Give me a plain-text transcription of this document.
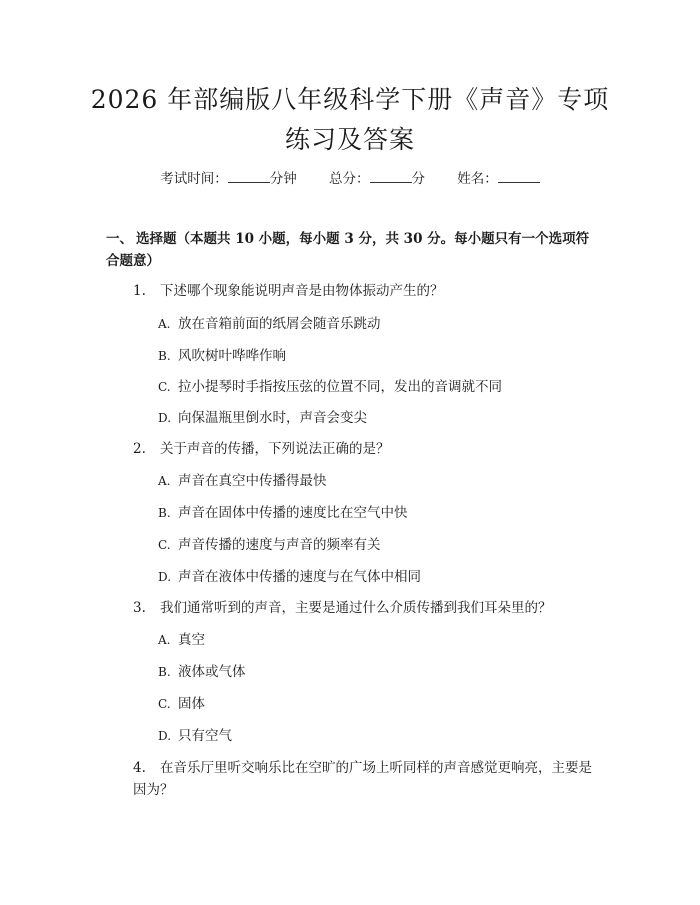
2026 年部编版八年级科学下册《声音》专项
练习及答案
考试时间：	分钟 总分：	分 姓名：
一、 选择题（本题共 10 小题，每小题 3 分，共 30 分。每小题只有一个选项符合题意）
1. 下述哪个现象能说明声音是由物体振动产生的？
A. 放在音箱前面的纸屑会随音乐跳动
B. 风吹树叶哗哗作响
C. 拉小提琴时手指按压弦的位置不同，发出的音调就不同
D. 向保温瓶里倒水时，声音会变尖
2. 关于声音的传播，下列说法正确的是？
A. 声音在真空中传播得最快
B. 声音在固体中传播的速度比在空气中快
C. 声音传播的速度与声音的频率有关
D. 声音在液体中传播的速度与在气体中相同
3. 我们通常听到的声音，主要是通过什么介质传播到我们耳朵里的？
A. 真空
B. 液体或气体
C. 固体
D. 只有空气
4. 在音乐厅里听交响乐比在空旷的广场上听同样的声音感觉更响亮，主要是
因为？
